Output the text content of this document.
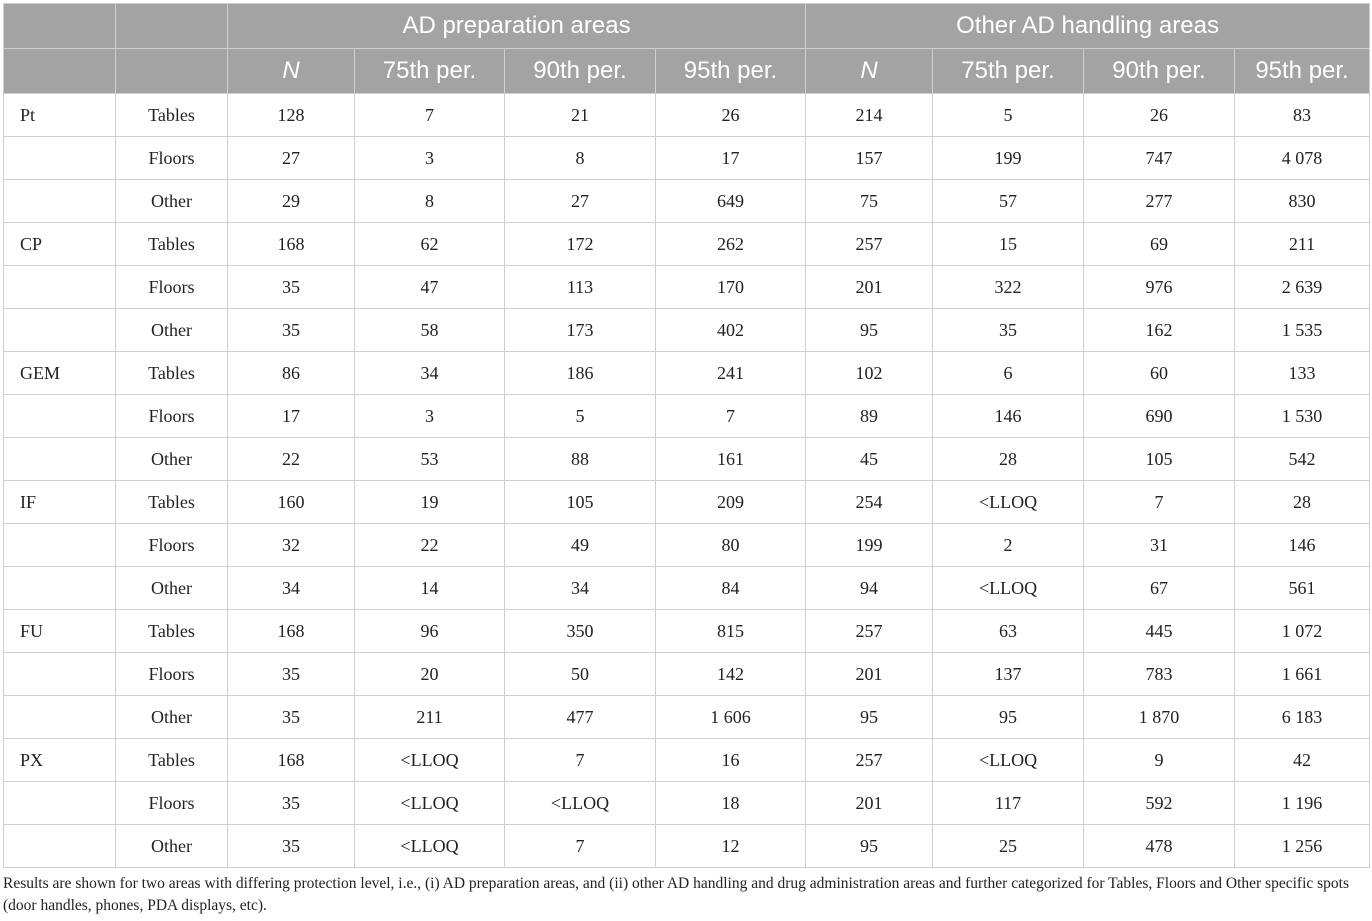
		AD preparation areas				Other AD handling areas			
		N	75th per.	90th per.	95th per.	N	75th per.	90th per.	95th per.
Pt	Tables	128	7	21	26	214	5	26	83
	Floors	27	3	8	17	157	199	747	4 078
	Other	29	8	27	649	75	57	277	830
CP	Tables	168	62	172	262	257	15	69	211
	Floors	35	47	113	170	201	322	976	2 639
	Other	35	58	173	402	95	35	162	1 535
GEM	Tables	86	34	186	241	102	6	60	133
	Floors	17	3	5	7	89	146	690	1 530
	Other	22	53	88	161	45	28	105	542
IF	Tables	160	19	105	209	254	<LLOQ	7	28
	Floors	32	22	49	80	199	2	31	146
	Other	34	14	34	84	94	<LLOQ	67	561
FU	Tables	168	96	350	815	257	63	445	1 072
	Floors	35	20	50	142	201	137	783	1 661
	Other	35	211	477	1 606	95	95	1 870	6 183
PX	Tables	168	<LLOQ	7	16	257	<LLOQ	9	42
	Floors	35	<LLOQ	<LLOQ	18	201	117	592	1 196
	Other	35	<LLOQ	7	12	95	25	478	1 256
Results are shown for two areas with differing protection level, i.e., (i) AD preparation areas, and (ii) other AD handling and drug administration areas and further categorized for Tables, Floors and Other specific spots (door handles, phones, PDA displays, etc).
